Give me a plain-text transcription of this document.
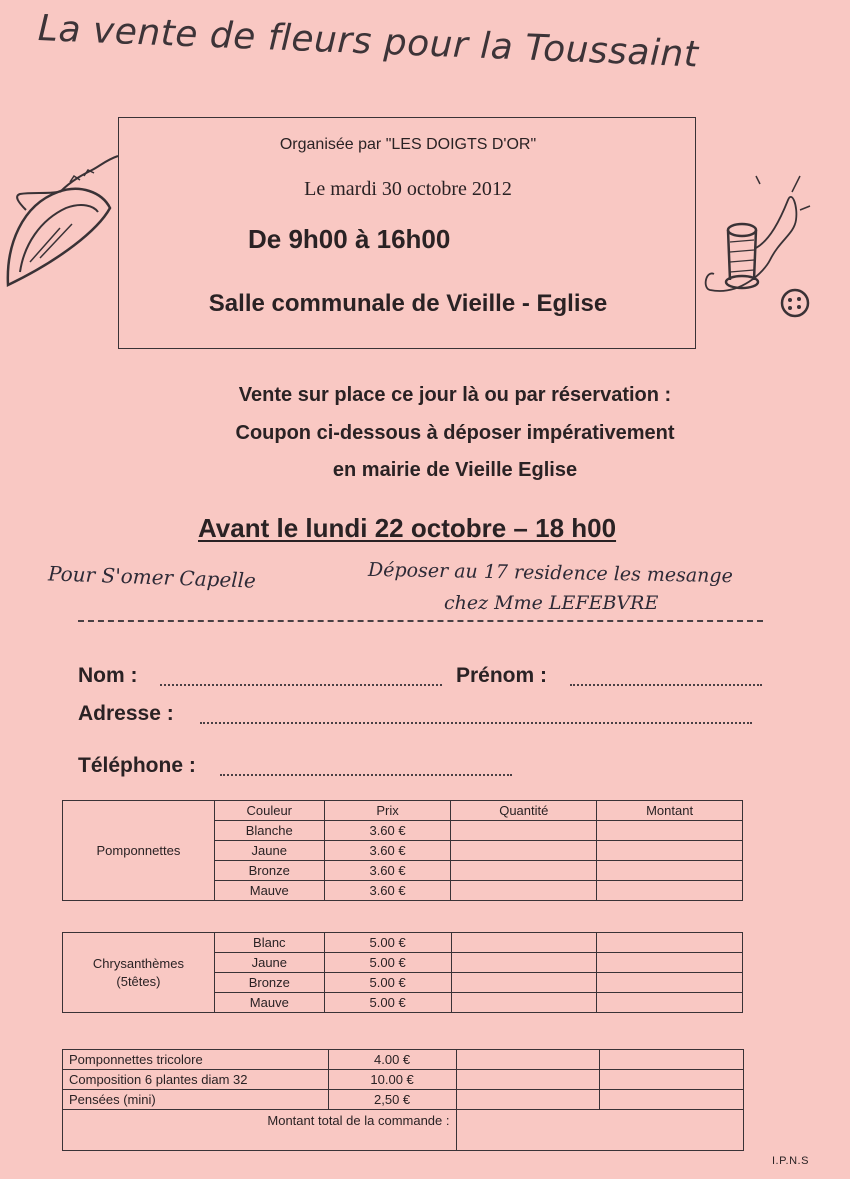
La vente de fleurs pour la Toussaint
Organisée par "LES DOIGTS D'OR"
Le mardi 30 octobre 2012
De 9h00 à 16h00
Salle communale de Vieille - Eglise
Vente sur place ce jour là ou par réservation :
Coupon ci-dessous à déposer impérativement
en mairie de Vieille Eglise
Avant le lundi 22 octobre – 18 h00
Pour S'omer Capelle	Déposer au 17 residence les mesange
chez Mme LEFEBVRE
Nom :	Prénom :
Adresse :
Téléphone :
Pomponnettes	Couleur	Prix	Quantité	Montant
	Blanche	3.60 €		
	Jaune	3.60 €		
	Bronze	3.60 €		
	Mauve	3.60 €		
Chrysanthèmes
(5têtes)	Blanc	5.00 €		
	Jaune	5.00 €		
	Bronze	5.00 €		
	Mauve	5.00 €		
Pomponnettes tricolore	4.00 €		
Composition 6 plantes diam 32	10.00 €		
Pensées (mini)	2,50 €		
Montant total de la commande :			
I.P.N.S
